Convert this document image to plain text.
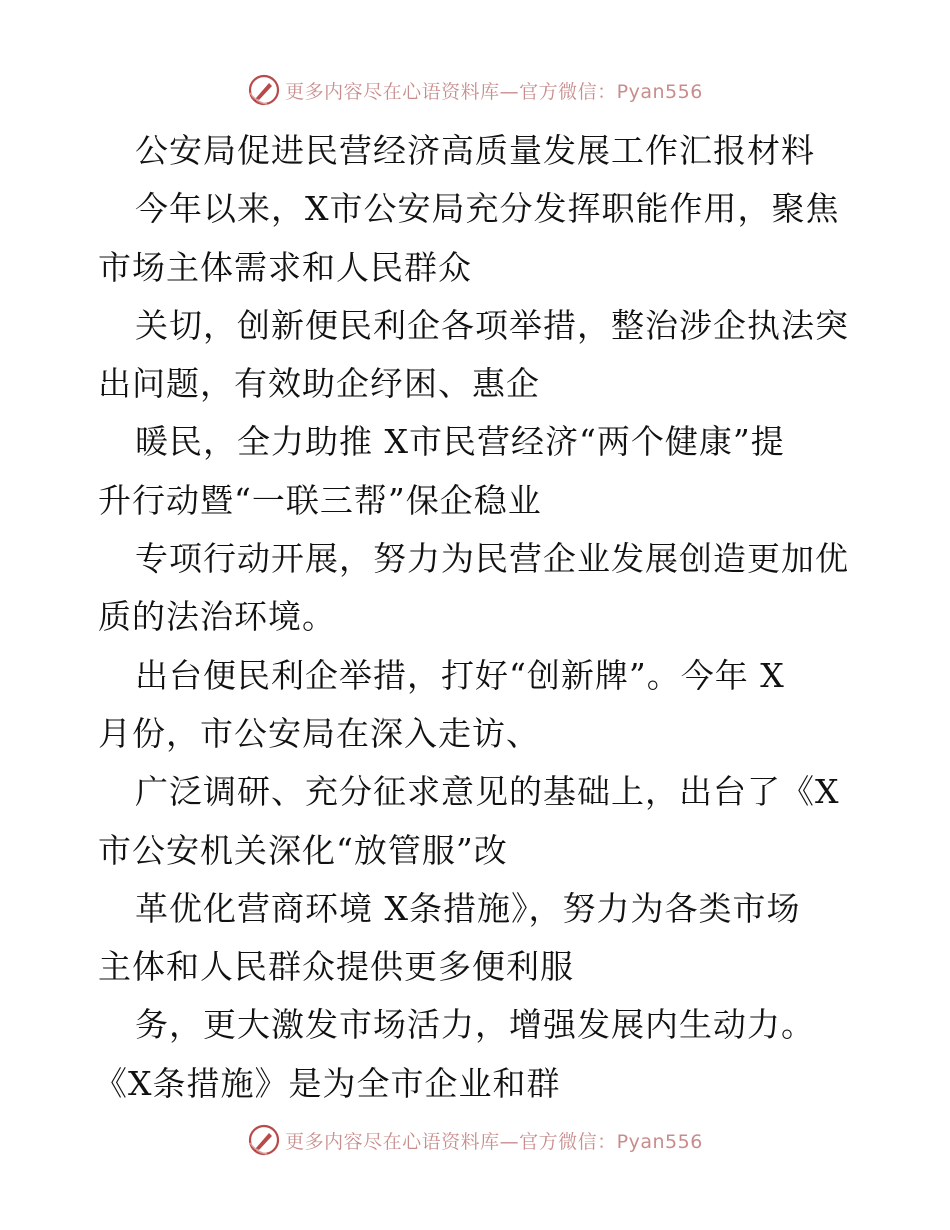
更多内容尽在心语资料库—官方微信：Pyan556
公安局促进民营经济高质量发展工作汇报材料
今年以来，X市公安局充分发挥职能作用，聚焦
市场主体需求和人民群众
关切，创新便民利企各项举措，整治涉企执法突
出问题，有效助企纾困、惠企
暖民，全力助推 X市民营经济“两个健康”提
升行动暨“一联三帮”保企稳业
专项行动开展，努力为民营企业发展创造更加优
质的法治环境。
出台便民利企举措，打好“创新牌”。今年 X
月份，市公安局在深入走访、
广泛调研、充分征求意见的基础上，出台了《X
市公安机关深化“放管服”改
革优化营商环境 X条措施》，努力为各类市场
主体和人民群众提供更多便利服
务，更大激发市场活力，增强发展内生动力。
《X条措施》是为全市企业和群
更多内容尽在心语资料库—官方微信：Pyan556
